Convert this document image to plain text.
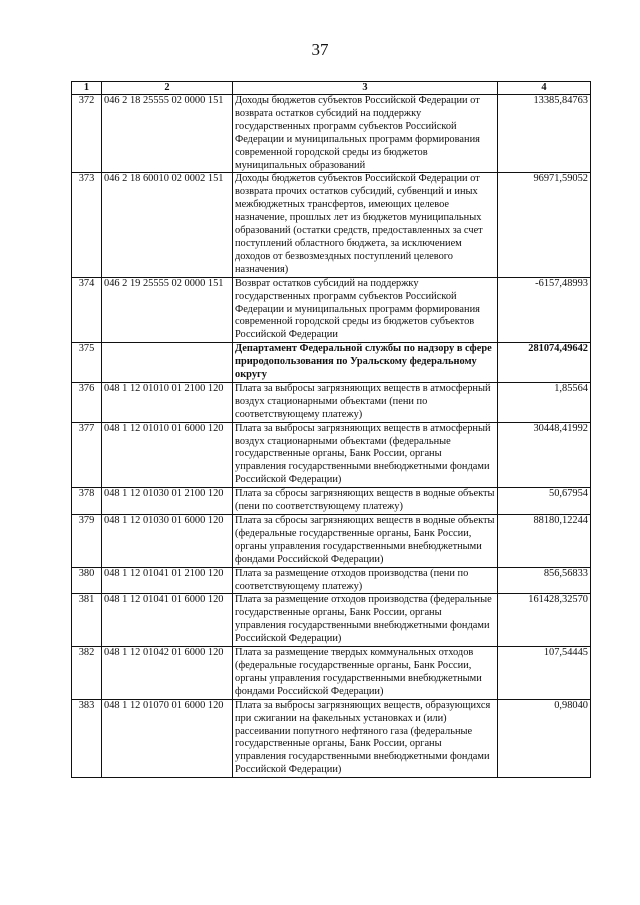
37
1	2	3	4
372	046 2 18 25555 02 0000 151	Доходы бюджетов субъектов Российской Федерации от возврата остатков субсидий на поддержку государственных программ субъектов Российской Федерации и муниципальных программ формирования современной городской среды из бюджетов муниципальных образований	13385,84763
373	046 2 18 60010 02 0002 151	Доходы бюджетов субъектов Российской Федерации от возврата прочих остатков субсидий, субвенций и иных межбюджетных трансфертов, имеющих целевое назначение, прошлых лет из бюджетов муниципальных образований (остатки средств, предоставленных за счет поступлений областного бюджета, за исключением доходов от безвозмездных поступлений целевого назначения)	96971,59052
374	046 2 19 25555 02 0000 151	Возврат остатков субсидий на поддержку государственных программ субъектов Российской Федерации и муниципальных программ формирования современной городской среды из бюджетов субъектов Российской Федерации	-6157,48993
375		Департамент Федеральной службы по надзору в сфере природопользования по Уральскому федеральному округу	281074,49642
376	048 1 12 01010 01 2100 120	Плата за выбросы загрязняющих веществ в атмосферный воздух стационарными объектами (пени по соответствующему платежу)	1,85564
377	048 1 12 01010 01 6000 120	Плата за выбросы загрязняющих веществ в атмосферный воздух стационарными объектами (федеральные государственные органы, Банк России, органы управления государственными внебюджетными фондами Российской Федерации)	30448,41992
378	048 1 12 01030 01 2100 120	Плата за сбросы загрязняющих веществ в водные объекты (пени по соответствующему платежу)	50,67954
379	048 1 12 01030 01 6000 120	Плата за сбросы загрязняющих веществ в водные объекты (федеральные государственные органы, Банк России, органы управления государственными внебюджетными фондами Российской Федерации)	88180,12244
380	048 1 12 01041 01 2100 120	Плата за размещение отходов производства (пени по соответствующему платежу)	856,56833
381	048 1 12 01041 01 6000 120	Плата за размещение отходов производства (федеральные государственные органы, Банк России, органы управления государственными внебюджетными фондами Российской Федерации)	161428,32570
382	048 1 12 01042 01 6000 120	Плата за размещение твердых коммунальных отходов (федеральные государственные органы, Банк России, органы управления государственными внебюджетными фондами Российской Федерации)	107,54445
383	048 1 12 01070 01 6000 120	Плата за выбросы загрязняющих веществ, образующихся при сжигании на факельных установках и (или) рассеивании попутного нефтяного газа (федеральные государственные органы, Банк России, органы управления государственными внебюджетными фондами Российской Федерации)	0,98040
